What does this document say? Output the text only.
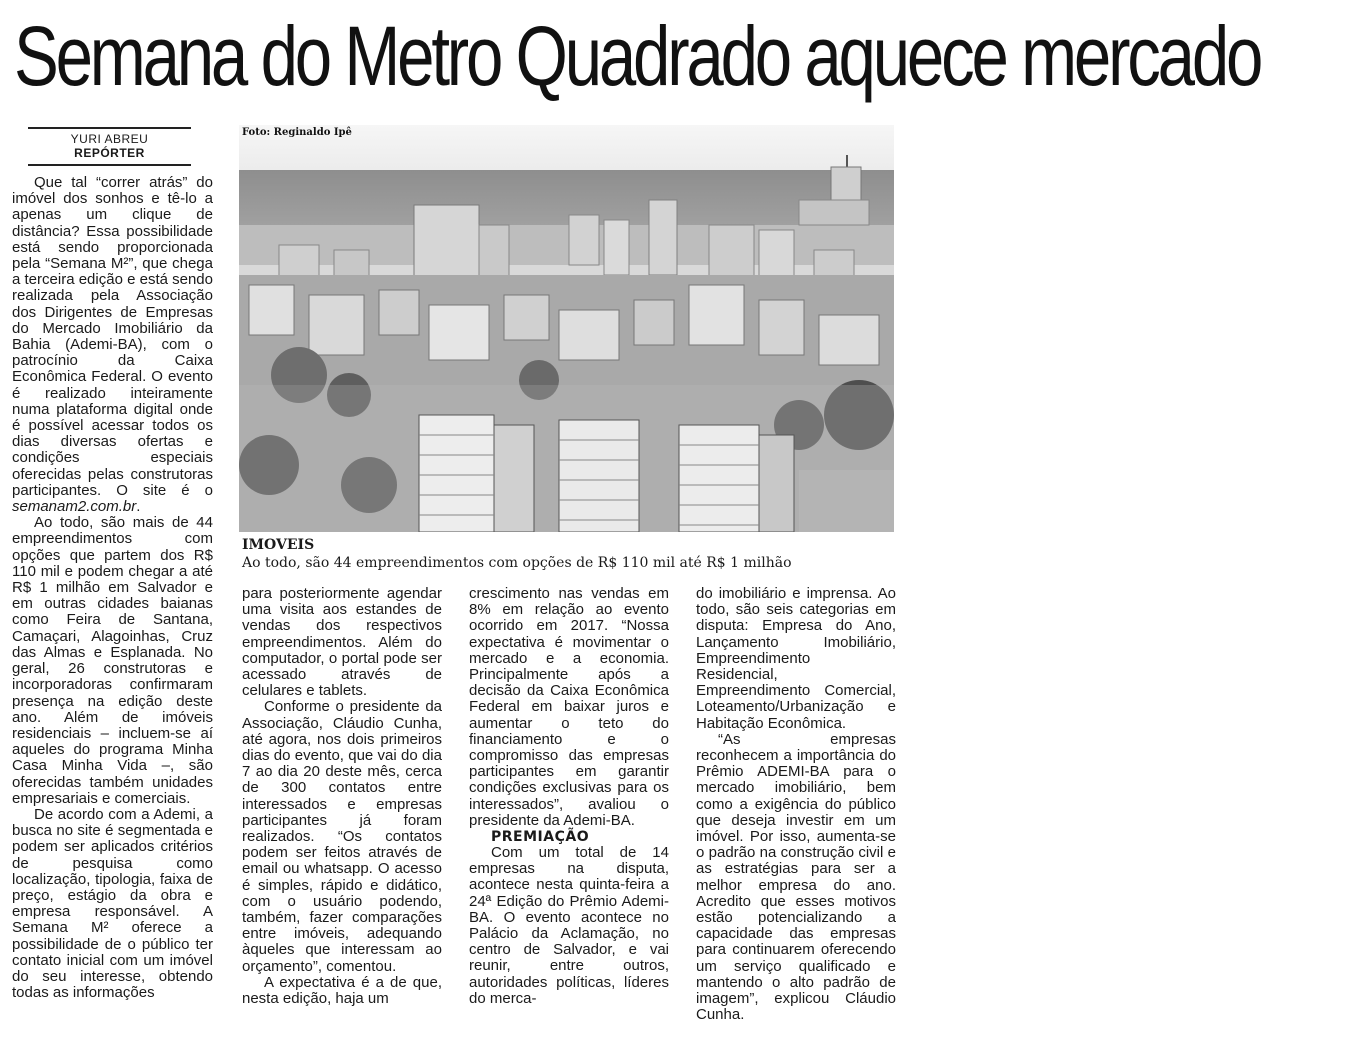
Semana do Metro Quadrado aquece mercado
YURI ABREU
REPÓRTER

Que tal “correr atrás” do imóvel dos sonhos e tê-lo a apenas um clique de distância? Essa possibilidade está sendo proporcionada pela “Semana M²”, que chega a terceira edição e está sendo realizada pela Associação dos Dirigentes de Empresas do Mercado Imobiliário da Bahia (Ademi-BA), com o patrocínio da Caixa Econômica Federal. O evento é realizado inteiramente numa plataforma digital onde é possível acessar todos os dias diversas ofertas e condições especiais oferecidas pelas construtoras participantes. O site é o semanam2.com.br.

Ao todo, são mais de 44 empreendimentos com opções que partem dos R$ 110 mil e podem chegar a até R$ 1 milhão em Salvador e em outras cidades baianas como Feira de Santana, Camaçari, Alagoinhas, Cruz das Almas e Esplanada. No geral, 26 construtoras e incorporadoras confirmaram presença na edição deste ano. Além de imóveis residenciais – incluem-se aí aqueles do programa Minha Casa Minha Vida –, são oferecidas também unidades empresariais e comerciais.

De acordo com a Ademi, a busca no site é segmentada e podem ser aplicados critérios de pesquisa como localização, tipologia, faixa de preço, estágio da obra e empresa responsável. A Semana M² oferece a possibilidade de o público ter contato inicial com um imóvel do seu interesse, obtendo todas as informações

Foto: Reginaldo Ipê
IMOVEIS
Ao todo, são 44 empreendimentos com opções de R$ 110 mil até R$ 1 milhão

para posteriormente agendar uma visita aos estandes de vendas dos respectivos empreendimentos. Além do computador, o portal pode ser acessado através de celulares e tablets.

Conforme o presidente da Associação, Cláudio Cunha, até agora, nos dois primeiros dias do evento, que vai do dia 7 ao dia 20 deste mês, cerca de 300 contatos entre interessados e empresas participantes já foram realizados. “Os contatos podem ser feitos através de email ou whatsapp. O acesso é simples, rápido e didático, com o usuário podendo, também, fazer comparações entre imóveis, adequando àqueles que interessam ao orçamento”, comentou.

A expectativa é a de que, nesta edição, haja um

crescimento nas vendas em 8% em relação ao evento ocorrido em 2017. “Nossa expectativa é movimentar o mercado e a economia. Principalmente após a decisão da Caixa Econômica Federal em baixar juros e aumentar o teto do financiamento e o compromisso das empresas participantes em garantir condições exclusivas para os interessados”, avaliou o presidente da Ademi-BA.

PREMIAÇÃO

Com um total de 14 empresas na disputa, acontece nesta quinta-feira a 24ª Edição do Prêmio Ademi-BA. O evento acontece no Palácio da Aclamação, no centro de Salvador, e vai reunir, entre outros, autoridades políticas, líderes do merca-

do imobiliário e imprensa. Ao todo, são seis categorias em disputa: Empresa do Ano, Lançamento Imobiliário, Empreendimento Residencial, Empreendimento Comercial, Loteamento/Urbanização e Habitação Econômica.

“As empresas reconhecem a importância do Prêmio ADEMI-BA para o mercado imobiliário, bem como a exigência do público que deseja investir em um imóvel. Por isso, aumenta-se o padrão na construção civil e as estratégias para ser a melhor empresa do ano. Acredito que esses motivos estão potencializando a capacidade das empresas para continuarem oferecendo um serviço qualificado e mantendo o alto padrão de imagem”, explicou Cláudio Cunha.
